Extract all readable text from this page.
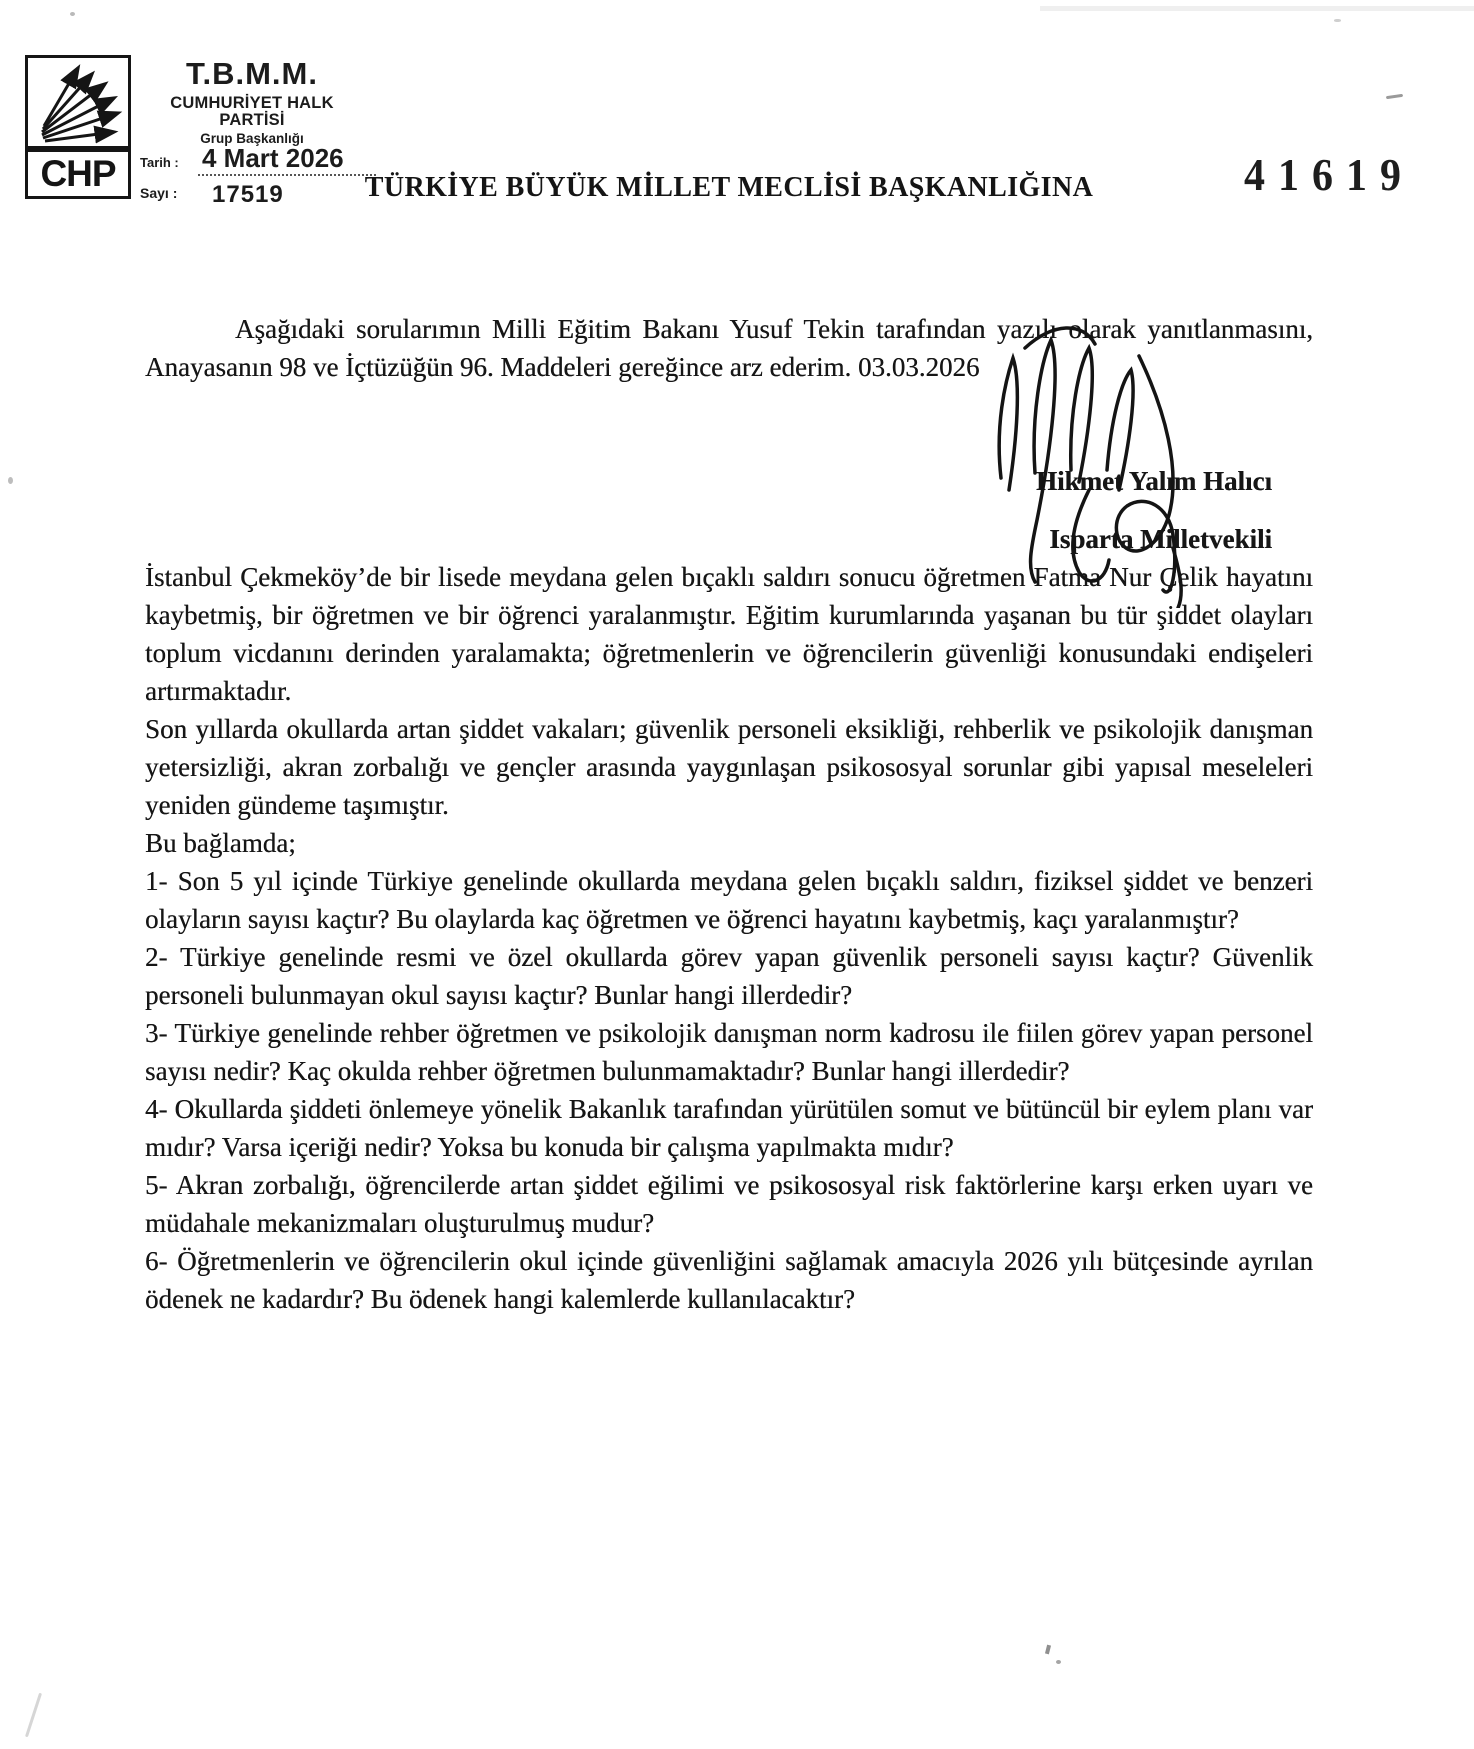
CHP
T.B.M.M.
CUMHURİYET HALK PARTİSİ
Grup Başkanlığı
Tarih : 4 Mart 2026
Sayı : 17519	TÜRKİYE BÜYÜK MİLLET MECLİSİ BAŞKANLIĞINA	41619

Aşağıdaki sorularımın Milli Eğitim Bakanı Yusuf Tekin tarafından yazılı olarak yanıtlanmasını, Anayasanın 98 ve İçtüzüğün 96. Maddeleri gereğince arz ederim. 03.03.2026

Hikmet Yalım Halıcı
Isparta Milletvekili

İstanbul Çekmeköy’de bir lisede meydana gelen bıçaklı saldırı sonucu öğretmen Fatma Nur Çelik hayatını kaybetmiş, bir öğretmen ve bir öğrenci yaralanmıştır. Eğitim kurumlarında yaşanan bu tür şiddet olayları toplum vicdanını derinden yaralamakta; öğretmenlerin ve öğrencilerin güvenliği konusundaki endişeleri artırmaktadır.

Son yıllarda okullarda artan şiddet vakaları; güvenlik personeli eksikliği, rehberlik ve psikolojik danışman yetersizliği, akran zorbalığı ve gençler arasında yaygınlaşan psikososyal sorunlar gibi yapısal meseleleri yeniden gündeme taşımıştır.

Bu bağlamda;

1- Son 5 yıl içinde Türkiye genelinde okullarda meydana gelen bıçaklı saldırı, fiziksel şiddet ve benzeri olayların sayısı kaçtır? Bu olaylarda kaç öğretmen ve öğrenci hayatını kaybetmiş, kaçı yaralanmıştır?

2- Türkiye genelinde resmi ve özel okullarda görev yapan güvenlik personeli sayısı kaçtır? Güvenlik personeli bulunmayan okul sayısı kaçtır? Bunlar hangi illerdedir?

3- Türkiye genelinde rehber öğretmen ve psikolojik danışman norm kadrosu ile fiilen görev yapan personel sayısı nedir? Kaç okulda rehber öğretmen bulunmamaktadır? Bunlar hangi illerdedir?

4- Okullarda şiddeti önlemeye yönelik Bakanlık tarafından yürütülen somut ve bütüncül bir eylem planı var mıdır? Varsa içeriği nedir? Yoksa bu konuda bir çalışma yapılmakta mıdır?

5- Akran zorbalığı, öğrencilerde artan şiddet eğilimi ve psikososyal risk faktörlerine karşı erken uyarı ve müdahale mekanizmaları oluşturulmuş mudur?

6- Öğretmenlerin ve öğrencilerin okul içinde güvenliğini sağlamak amacıyla 2026 yılı bütçesinde ayrılan ödenek ne kadardır? Bu ödenek hangi kalemlerde kullanılacaktır?
